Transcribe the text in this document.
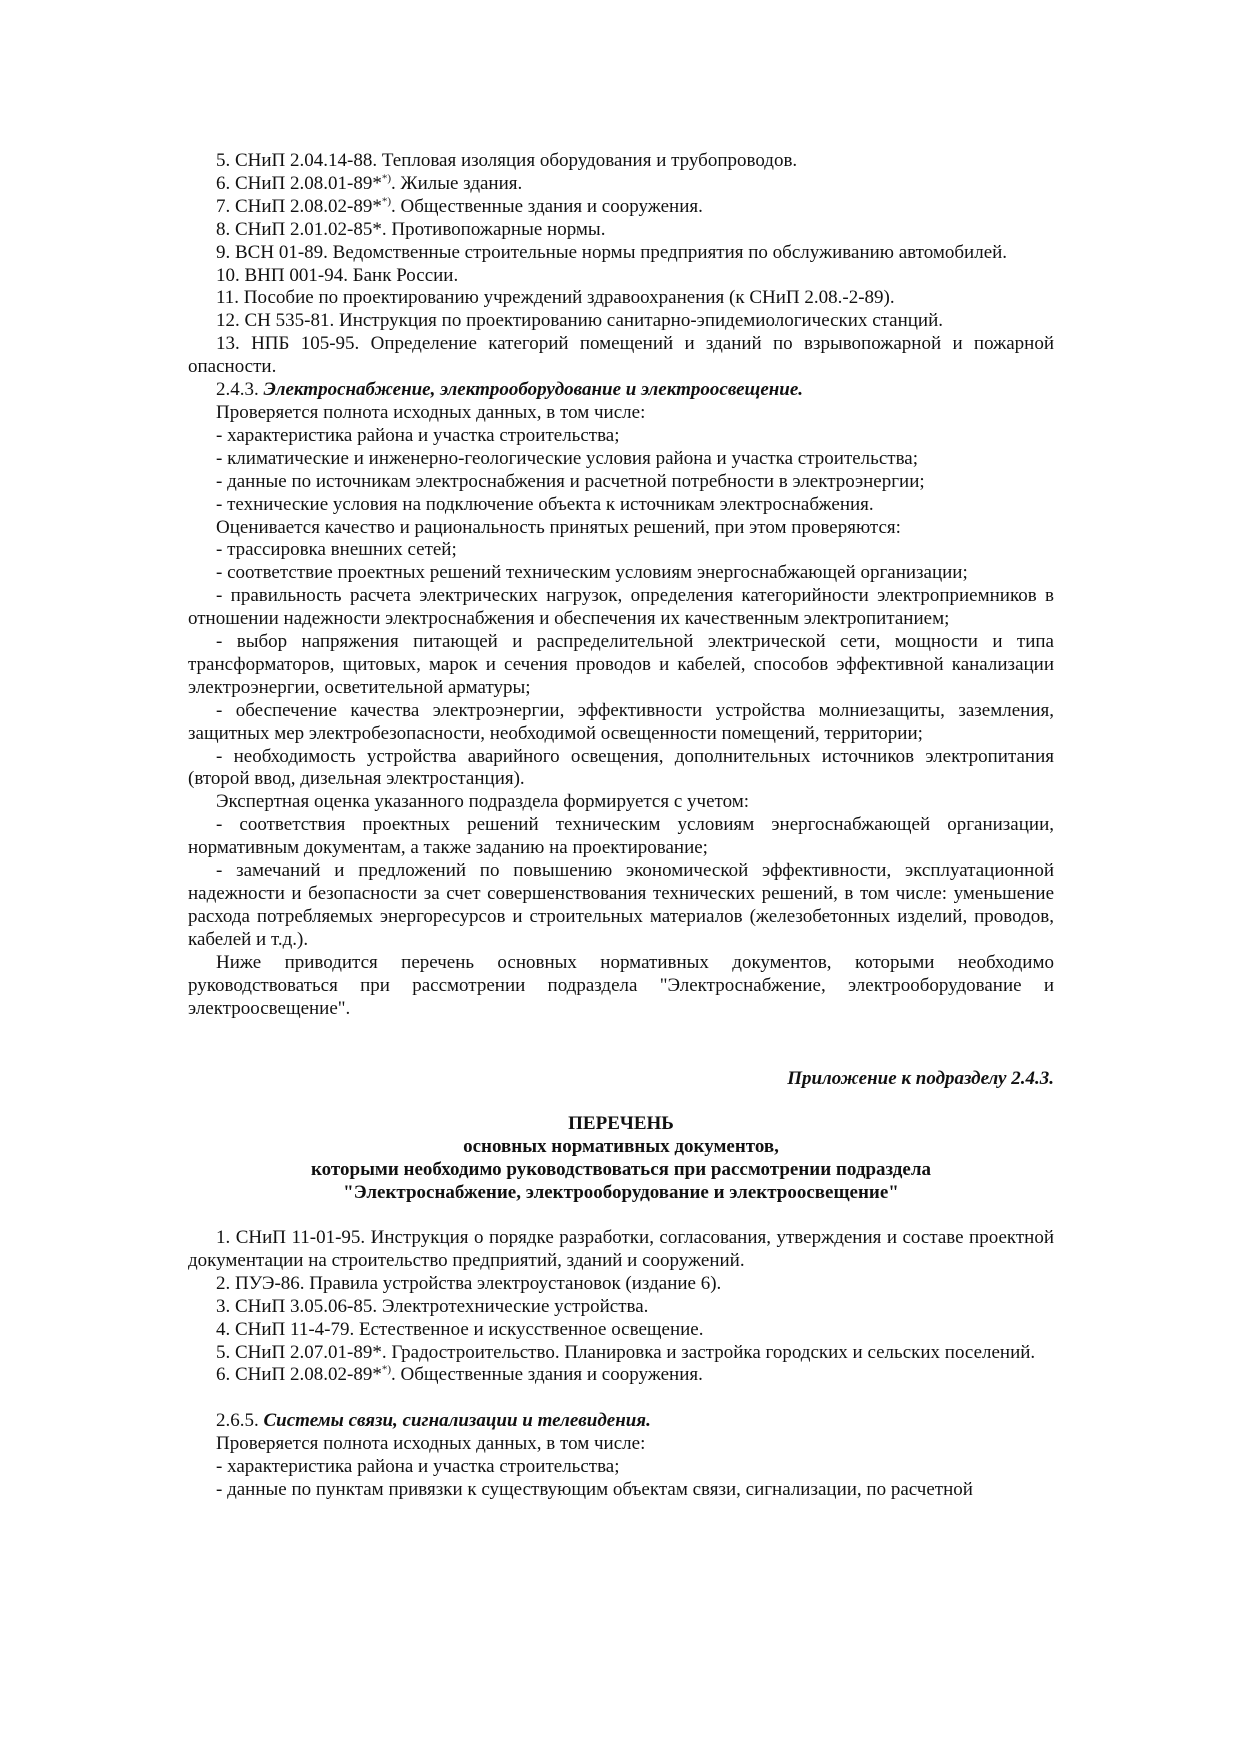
5. СНиП 2.04.14-88. Тепловая изоляция оборудования и трубопроводов.

6. СНиП 2.08.01-89**). Жилые здания.

7. СНиП 2.08.02-89**). Общественные здания и сооружения.

8. СНиП 2.01.02-85*. Противопожарные нормы.

9. ВСН 01-89. Ведомственные строительные нормы предприятия по обслуживанию автомобилей.

10. ВНП 001-94. Банк России.

11. Пособие по проектированию учреждений здравоохранения (к СНиП 2.08.-2-89).

12. СН 535-81. Инструкция по проектированию санитарно-эпидемиологических станций.

13. НПБ 105-95. Определение категорий помещений и зданий по взрывопожарной и пожарной опасности.

2.4.3. Электроснабжение, электрооборудование и электроосвещение.

Проверяется полнота исходных данных, в том числе:

- характеристика района и участка строительства;

- климатические и инженерно-геологические условия района и участка строительства;

- данные по источникам электроснабжения и расчетной потребности в электроэнергии;

- технические условия на подключение объекта к источникам электроснабжения.

Оценивается качество и рациональность принятых решений, при этом проверяются:

- трассировка внешних сетей;

- соответствие проектных решений техническим условиям энергоснабжающей организации;

- правильность расчета электрических нагрузок, определения категорийности электроприемников в отношении надежности электроснабжения и обеспечения их качественным электропитанием;

- выбор напряжения питающей и распределительной электрической сети, мощности и типа трансформаторов, щитовых, марок и сечения проводов и кабелей, способов эффективной канализации электроэнергии, осветительной арматуры;

- обеспечение качества электроэнергии, эффективности устройства молниезащиты, заземления, защитных мер электробезопасности, необходимой освещенности помещений, территории;

- необходимость устройства аварийного освещения, дополнительных источников электропитания (второй ввод, дизельная электростанция).

Экспертная оценка указанного подраздела формируется с учетом:

- соответствия проектных решений техническим условиям энергоснабжающей организации, нормативным документам, а также заданию на проектирование;

- замечаний и предложений по повышению экономической эффективности, эксплуатационной надежности и безопасности за счет совершенствования технических решений, в том числе: уменьшение расхода потребляемых энергоресурсов и строительных материалов (железобетонных изделий, проводов, кабелей и т.д.).

Ниже приводится перечень основных нормативных документов, которыми необходимо руководствоваться при рассмотрении подраздела "Электроснабжение, электрооборудование и электроосвещение".

Приложение к подразделу 2.4.3.

ПЕРЕЧЕНЬ

основных нормативных документов,

которыми необходимо руководствоваться при рассмотрении подраздела

"Электроснабжение, электрооборудование и электроосвещение"

1. СНиП 11-01-95. Инструкция о порядке разработки, согласования, утверждения и составе проектной документации на строительство предприятий, зданий и сооружений.

2. ПУЭ-86. Правила устройства электроустановок (издание 6).

3. СНиП 3.05.06-85. Электротехнические устройства.

4. СНиП 11-4-79. Естественное и искусственное освещение.

5. СНиП 2.07.01-89*. Градостроительство. Планировка и застройка городских и сельских поселений.

6. СНиП 2.08.02-89**). Общественные здания и сооружения.

2.6.5. Системы связи, сигнализации и телевидения.

Проверяется полнота исходных данных, в том числе:

- характеристика района и участка строительства;

- данные по пунктам привязки к существующим объектам связи, сигнализации, по расчетной
